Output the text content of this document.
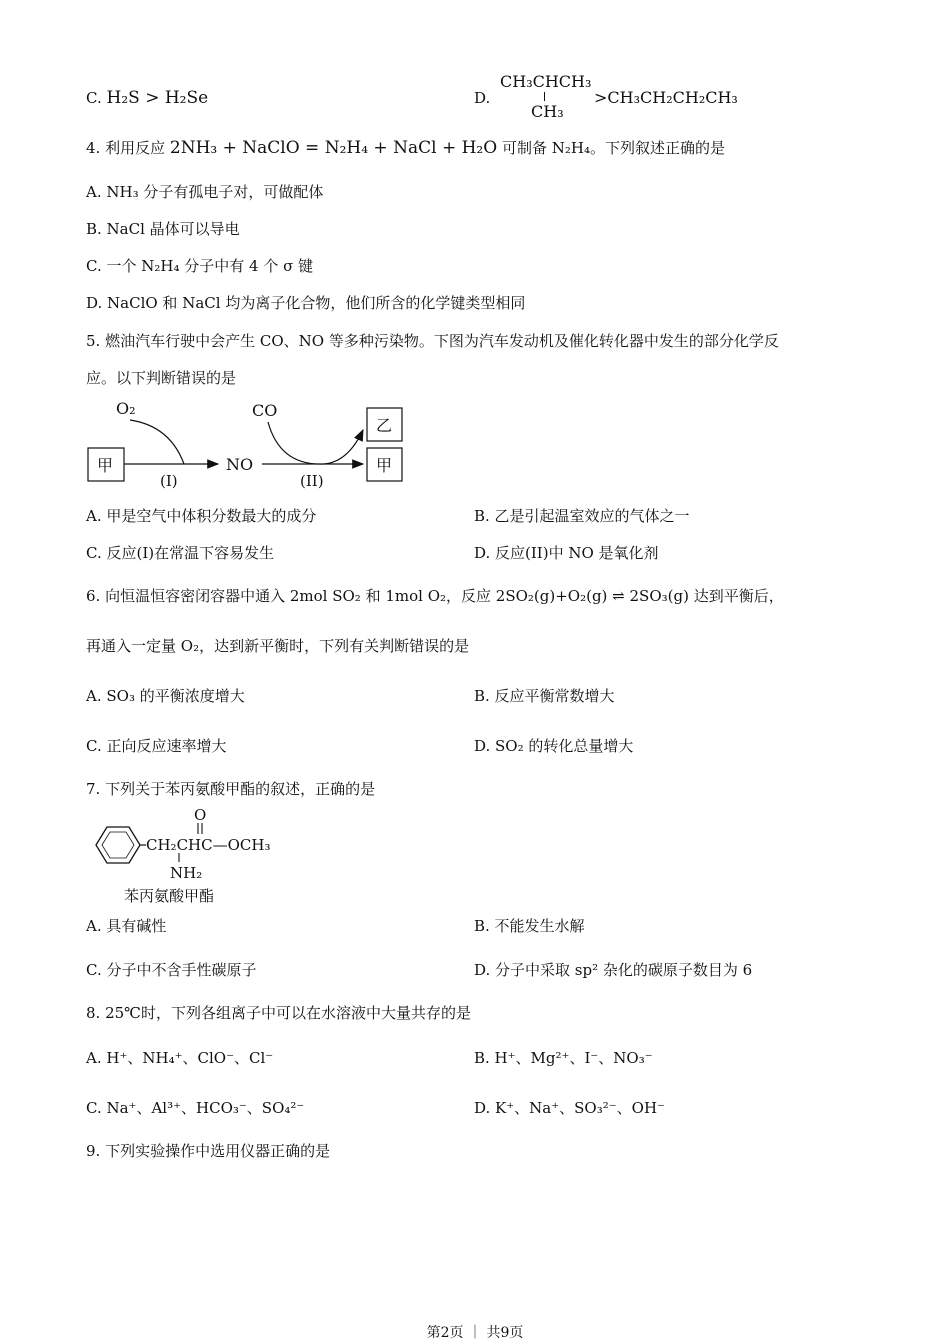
C. H₂S > H₂Se	D.
CH₃CHCH₃
CH₃
>CH₃CH₂CH₂CH₃
4. 利用反应 2NH₃ + NaClO = N₂H₄ + NaCl + H₂O 可制备 N₂H₄。下列叙述正确的是
A. NH₃ 分子有孤电子对，可做配体
B. NaCl 晶体可以导电
C. 一个 N₂H₄ 分子中有 4 个 σ 键
D. NaClO 和 NaCl 均为离子化合物，他们所含的化学键类型相同
5. 燃油汽车行驶中会产生 CO、NO 等多种污染物。下图为汽车发动机及催化转化器中发生的部分化学反
应。以下判断错误的是
O₂	CO
甲
(I)
NO
(II)
乙
甲
A. 甲是空气中体积分数最大的成分	B. 乙是引起温室效应的气体之一
C. 反应(I)在常温下容易发生	D. 反应(II)中 NO 是氧化剂
6. 向恒温恒容密闭容器中通入 2mol SO₂ 和 1mol O₂，反应 2SO₂(g)+O₂(g) ⇌ 2SO₃(g) 达到平衡后，
再通入一定量 O₂，达到新平衡时，下列有关判断错误的是
A. SO₃ 的平衡浓度增大	B. 反应平衡常数增大
C. 正向反应速率增大	D. SO₂ 的转化总量增大
7. 下列关于苯丙氨酸甲酯的叙述，正确的是
CH₂CHC—OCH₃
O
NH₂
苯丙氨酸甲酯
A. 具有碱性	B. 不能发生水解
C. 分子中不含手性碳原子	D. 分子中采取 sp² 杂化的碳原子数目为 6
8. 25℃时，下列各组离子中可以在水溶液中大量共存的是
A. H⁺、NH₄⁺、ClO⁻、Cl⁻	B. H⁺、Mg²⁺、I⁻、NO₃⁻
C. Na⁺、Al³⁺、HCO₃⁻、SO₄²⁻	D. K⁺、Na⁺、SO₃²⁻、OH⁻
9. 下列实验操作中选用仪器正确的是
第2页 ｜ 共9页
